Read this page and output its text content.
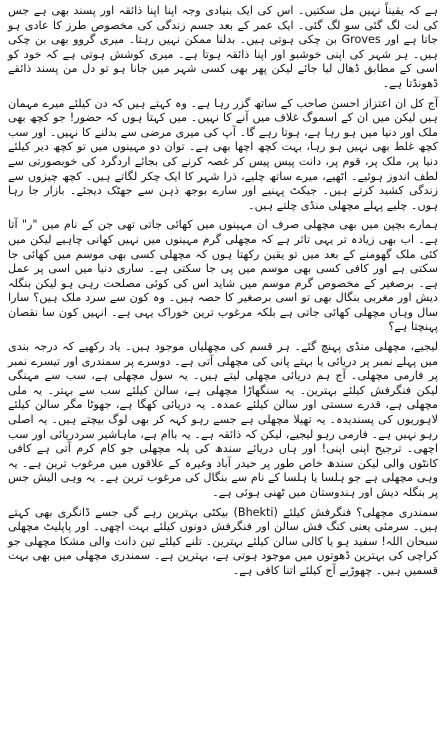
ہے کہ یقیناً نہیں مل سکتیں۔ اس کی ایک بنیادی وجہ اپنا اپنا ذائقہ اور پسند بھی ہے جس کی لت لگ گئی سو لگ گئی۔ ایک عمر کے بعد جسم زندگی کی مخصوص طرز کا عادی ہو جاتا ہے اور Groves بن چکی ہوتی ہیں۔ بدلنا ممکن نہیں رہتا۔ میری گروو بھی بن چکی ہیں۔ ہر شہر کی اپنی خوشبو اور اپنا ذائقہ ہوتا ہے۔ میری کوشش ہوتی ہے کہ خود کو اسی کے مطابق ڈھال لیا جائے لیکن پھر بھی کسی شہر میں جانا ہو تو دل من پسند ذائقے ڈھونڈتا ہے۔

آج کل ان اعتزاز احسن صاحب کے ساتھ گزر رہا ہے۔ وہ کہتے ہیں کہ دن کیلئے میرے مہمان ہیں لیکن میں ان کے اسموگ غلاف میں آنے کا نہیں۔ میں کہتا ہوں کہ حضور! جو کچھ بھی ملک اور دنیا میں ہو رہا ہے، ہوتا رہے گا۔ آپ کی میری مرضی سے بدلنے کا نہیں۔ اور سب کچھ غلط بھی نہیں ہو رہا، بہت کچھ اچھا بھی ہے۔ توان دو مہینوں میں تو کچھ دیر کیلئے دنیا پر، ملک پر، قوم پر، دانت پیس پیس کر غصہ کرنے کی بجائے اردگرد کی خوبصورتی سے لطف اندوز ہوئیے۔ اٹھیے، میرے ساتھ چلیے، ذرا شہر کا ایک چکر لگاتے ہیں۔ کچھ چیزوں سے زندگی کشید کرتے ہیں۔ جیکٹ پہنیے اور سارے بوجھ ذہن سے جھٹک دیجئے۔ بازار جا رہا ہوں۔ چلیے پہلے مچھلی منڈی چلتے ہیں۔

ہمارے بچپن میں بھی مچھلی صرف ان مہینوں میں کھائی جاتی تھی جن کے نام میں "ر" آتا ہے۔ اب بھی زیادہ تر یہی تاثر ہے کہ مچھلی گرم مہینوں میں نہیں کھانی چاہیے لیکن میں کئی ملک گھومنے کے بعد میں تو یقین رکھتا ہوں کہ مچھلی کسی بھی موسم میں کھائی جا سکتی ہے اور کافی کسی بھی موسم میں پی جا سکتی ہے۔ ساری دنیا میں اسی پر عمل ہے۔ برصغیر کے مخصوص گرم موسم میں شاید اس کی کوئی مصلحت رہی ہو لیکن بنگلہ دیش اور مغربی بنگال بھی تو اسی برصغیر کا حصہ ہیں۔ وہ کون سے سرد ملک ہیں؟ سارا سال وہاں مچھلی کھائی جاتی ہے بلکہ مرغوب ترین خوراک یہی ہے۔ انہیں کون سا نقصان پہنچتا ہے؟

لیجیے، مچھلی منڈی پہنچ گئے۔ ہر قسم کی مچھلیاں موجود ہیں۔ یاد رکھیے کہ درجہ بندی میں پہلے نمبر پر دریائی یا بہتے پانی کی مچھلی آتی ہے۔ دوسرے پر سمندری اور تیسرے نمبر پر فارمی مچھلی۔ آج ہم دریائی مچھلی لیتے ہیں۔ یہ سول مچھلی ہے، سب سے مہنگی لیکن فنگرفش کیلئے بہترین۔ یہ سنگھاڑا مچھلی ہے، سالن کیلئے سب سے بہتر۔ یہ ملی مچھلی ہے، قدرے سستی اور سالن کیلئے عمدہ۔ یہ دریائی کھگا ہے، جھوٹا مگر سالن کیلئے لاہوریوں کی پسندیدہ۔ یہ تھیلا مچھلی ہے جسے رہو کہہ کر بھی لوگ بیچتے ہیں۔ یہ اصلی رہو نہیں ہے۔ فارمی رہو لیجیے، لیکن کہ ذائقہ ہے۔ یہ باام ہے، ماہاشیر سردریائی اور سب اچھی۔ ترجیح اپنی اپنی! اور ہاں دریائے سندھ کی پلہ مچھلی جو کام کرم آتی ہے کافی کانٹوں والی لیکن سندھ خاص طور پر حیدر آباد وغیرہ کے علاقوں میں مرغوب ترین ہے۔ یہ وہی مچھلی ہے جو ہلسا یا ہلسا کے نام سے بنگال کی مرغوب ترین ہے۔ یہ وہی الیش جس پر بنگلہ دیش اور ہندوستان میں ٹھنی ہوئی ہے۔

سمندری مچھلی؟ فنگرفش کیلئے (Bhekti) بیکٹی بہترین رہے گی جسے ڈانگری بھی کہتے ہیں۔ سرمئی یعنی کنگ فش سالن اور فنگرفش دونوں کیلئے بہت اچھی۔ اور پاپلیٹ مچھلی سبحان اللہ! سفید ہو یا کالی سالن کیلئے بہترین۔ تلنے کیلئے تین دانت والی مشکا مچھلی جو کراچی کی بہترین ڈھوتوں میں موجود ہوتی ہے، بہترین ہے۔ سمندری مچھلی میں بھی بہت قسمیں ہیں۔ چھوڑیے آج کیلئے اتنا کافی ہے۔
